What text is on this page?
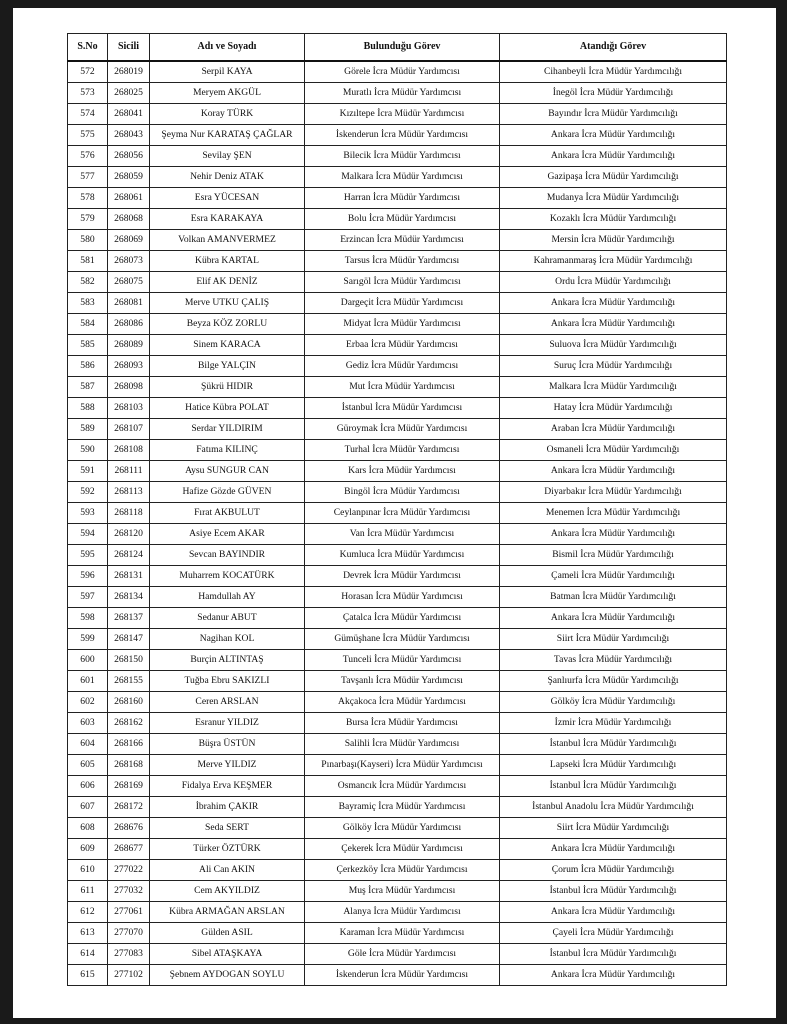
S.No	Sicili	Adı ve Soyadı	Bulunduğu Görev	Atandığı Görev
572	268019	Serpil KAYA	Görele İcra Müdür Yardımcısı	Cihanbeyli İcra Müdür Yardımcılığı
573	268025	Meryem AKGÜL	Muratlı İcra Müdür Yardımcısı	İnegöl İcra Müdür Yardımcılığı
574	268041	Koray TÜRK	Kızıltepe İcra Müdür Yardımcısı	Bayındır İcra Müdür Yardımcılığı
575	268043	Şeyma Nur KARATAŞ ÇAĞLAR	İskenderun İcra Müdür Yardımcısı	Ankara İcra Müdür Yardımcılığı
576	268056	Sevilay ŞEN	Bilecik İcra Müdür Yardımcısı	Ankara İcra Müdür Yardımcılığı
577	268059	Nehir Deniz ATAK	Malkara İcra Müdür Yardımcısı	Gazipaşa İcra Müdür Yardımcılığı
578	268061	Esra YÜCESAN	Harran İcra Müdür Yardımcısı	Mudanya İcra Müdür Yardımcılığı
579	268068	Esra KARAKAYA	Bolu İcra Müdür Yardımcısı	Kozaklı İcra Müdür Yardımcılığı
580	268069	Volkan AMANVERMEZ	Erzincan İcra Müdür Yardımcısı	Mersin İcra Müdür Yardımcılığı
581	268073	Kübra KARTAL	Tarsus İcra Müdür Yardımcısı	Kahramanmaraş İcra Müdür Yardımcılığı
582	268075	Elif AK DENİZ	Sarıgöl İcra Müdür Yardımcısı	Ordu İcra Müdür Yardımcılığı
583	268081	Merve UTKU ÇALIŞ	Dargeçit İcra Müdür Yardımcısı	Ankara İcra Müdür Yardımcılığı
584	268086	Beyza KÖZ ZORLU	Midyat İcra Müdür Yardımcısı	Ankara İcra Müdür Yardımcılığı
585	268089	Sinem KARACA	Erbaa İcra Müdür Yardımcısı	Suluova İcra Müdür Yardımcılığı
586	268093	Bilge YALÇIN	Gediz İcra Müdür Yardımcısı	Suruç İcra Müdür Yardımcılığı
587	268098	Şükrü HIDIR	Mut İcra Müdür Yardımcısı	Malkara İcra Müdür Yardımcılığı
588	268103	Hatice Kübra POLAT	İstanbul İcra Müdür Yardımcısı	Hatay İcra Müdür Yardımcılığı
589	268107	Serdar YILDIRIM	Güroymak İcra Müdür Yardımcısı	Araban İcra Müdür Yardımcılığı
590	268108	Fatıma KILINÇ	Turhal İcra Müdür Yardımcısı	Osmaneli İcra Müdür Yardımcılığı
591	268111	Aysu SUNGUR CAN	Kars İcra Müdür Yardımcısı	Ankara İcra Müdür Yardımcılığı
592	268113	Hafize Gözde GÜVEN	Bingöl İcra Müdür Yardımcısı	Diyarbakır İcra Müdür Yardımcılığı
593	268118	Fırat AKBULUT	Ceylanpınar İcra Müdür Yardımcısı	Menemen İcra Müdür Yardımcılığı
594	268120	Asiye Ecem AKAR	Van İcra Müdür Yardımcısı	Ankara İcra Müdür Yardımcılığı
595	268124	Sevcan BAYINDIR	Kumluca İcra Müdür Yardımcısı	Bismil İcra Müdür Yardımcılığı
596	268131	Muharrem KOCATÜRK	Devrek İcra Müdür Yardımcısı	Çameli İcra Müdür Yardımcılığı
597	268134	Hamdullah AY	Horasan İcra Müdür Yardımcısı	Batman İcra Müdür Yardımcılığı
598	268137	Sedanur ABUT	Çatalca İcra Müdür Yardımcısı	Ankara İcra Müdür Yardımcılığı
599	268147	Nagihan KOL	Gümüşhane İcra Müdür Yardımcısı	Siirt İcra Müdür Yardımcılığı
600	268150	Burçin ALTINTAŞ	Tunceli İcra Müdür Yardımcısı	Tavas İcra Müdür Yardımcılığı
601	268155	Tuğba Ebru SAKIZLI	Tavşanlı İcra Müdür Yardımcısı	Şanlıurfa İcra Müdür Yardımcılığı
602	268160	Ceren ARSLAN	Akçakoca İcra Müdür Yardımcısı	Gölköy İcra Müdür Yardımcılığı
603	268162	Esranur YILDIZ	Bursa İcra Müdür Yardımcısı	İzmir İcra Müdür Yardımcılığı
604	268166	Büşra ÜSTÜN	Salihli İcra Müdür Yardımcısı	İstanbul İcra Müdür Yardımcılığı
605	268168	Merve YILDIZ	Pınarbaşı(Kayseri) İcra Müdür Yardımcısı	Lapseki İcra Müdür Yardımcılığı
606	268169	Fidalya Erva KEŞMER	Osmancık İcra Müdür Yardımcısı	İstanbul İcra Müdür Yardımcılığı
607	268172	İbrahim ÇAKIR	Bayramiç İcra Müdür Yardımcısı	İstanbul Anadolu İcra Müdür Yardımcılığı
608	268676	Seda SERT	Gölköy İcra Müdür Yardımcısı	Siirt İcra Müdür Yardımcılığı
609	268677	Türker ÖZTÜRK	Çekerek İcra Müdür Yardımcısı	Ankara İcra Müdür Yardımcılığı
610	277022	Ali Can AKIN	Çerkezköy İcra Müdür Yardımcısı	Çorum İcra Müdür Yardımcılığı
611	277032	Cem AKYILDIZ	Muş İcra Müdür Yardımcısı	İstanbul İcra Müdür Yardımcılığı
612	277061	Kübra ARMAĞAN ARSLAN	Alanya İcra Müdür Yardımcısı	Ankara İcra Müdür Yardımcılığı
613	277070	Gülden ASIL	Karaman İcra Müdür Yardımcısı	Çayeli İcra Müdür Yardımcılığı
614	277083	Sibel ATAŞKAYA	Göle İcra Müdür Yardımcısı	İstanbul İcra Müdür Yardımcılığı
615	277102	Şebnem AYDOGAN SOYLU	İskenderun İcra Müdür Yardımcısı	Ankara İcra Müdür Yardımcılığı
